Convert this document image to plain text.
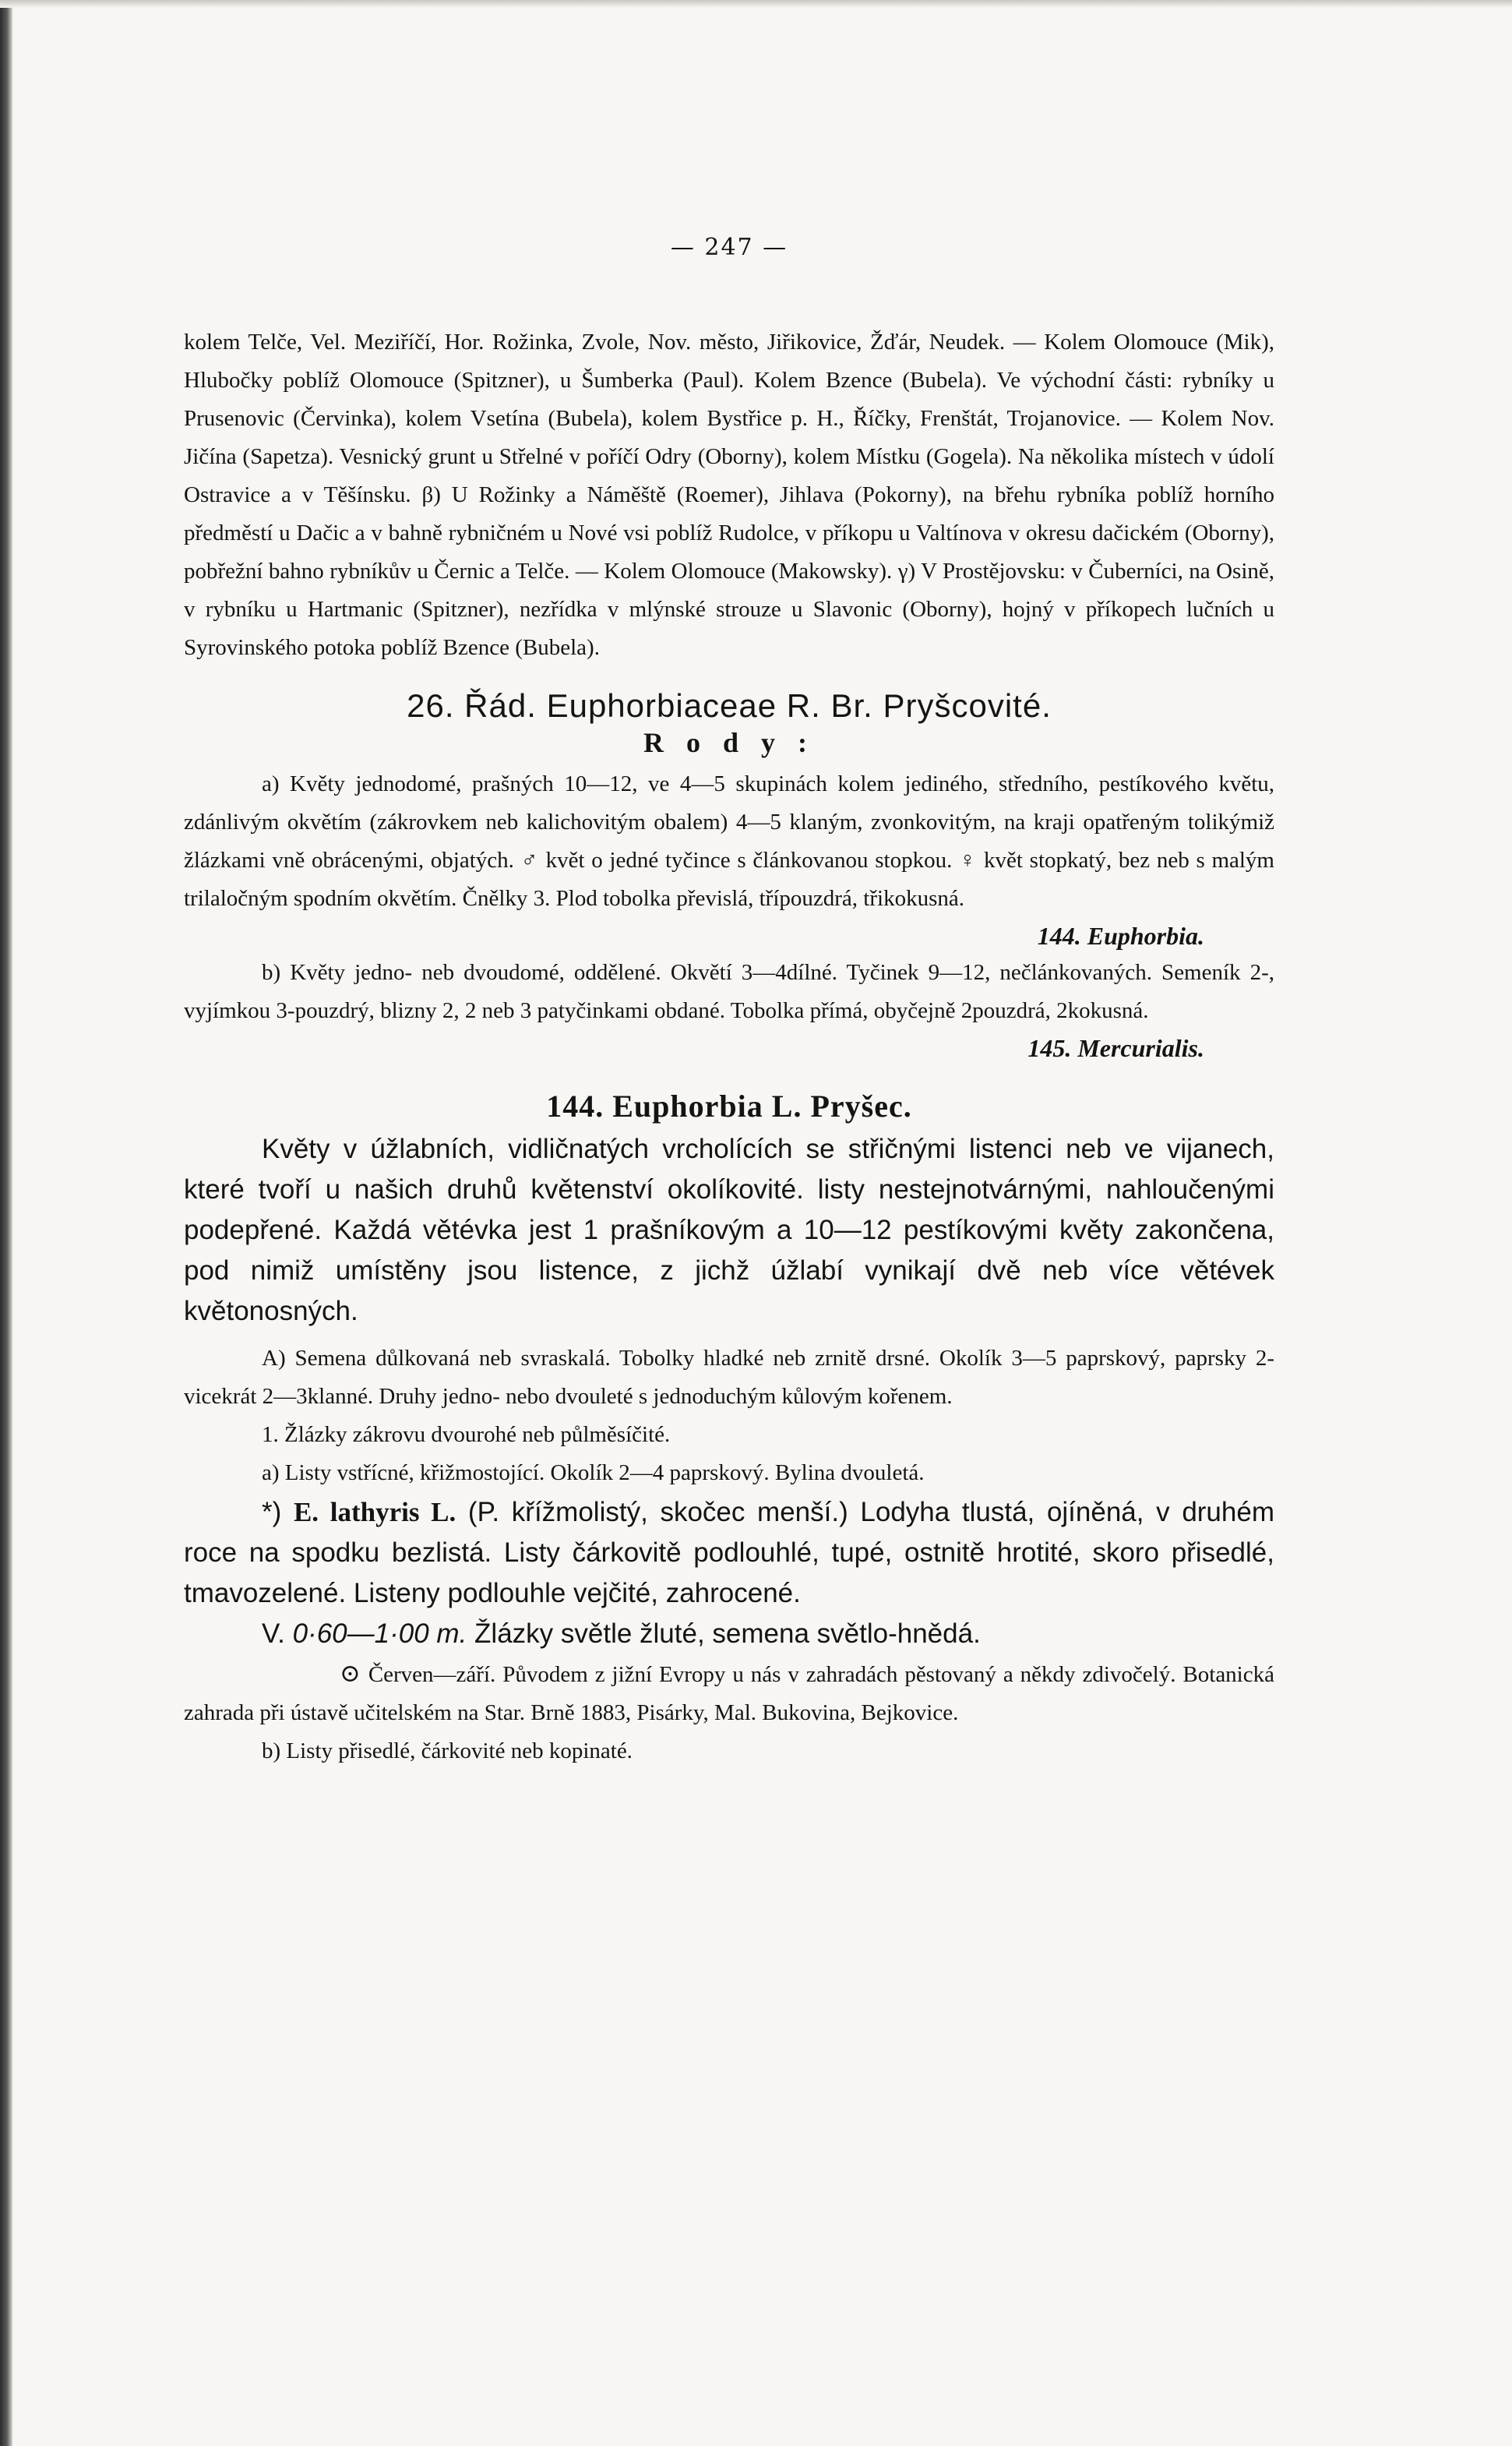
— 247 —

kolem Telče, Vel. Meziříčí, Hor. Rožinka, Zvole, Nov. město, Jiřikovice, Žďár, Neudek. — Kolem Olomouce (Mik), Hlubočky poblíž Olomouce (Spitzner), u Šumberka (Paul). Kolem Bzence (Bubela). Ve východní části: rybníky u Prusenovic (Červinka), kolem Vsetína (Bubela), kolem Bystřice p. H., Říčky, Frenštát, Trojanovice. — Kolem Nov. Jičína (Sapetza). Vesnický grunt u Střelné v poříčí Odry (Oborny), kolem Místku (Gogela). Na několika místech v údolí Ostravice a v Těšínsku. β) U Rožinky a Náměště (Roemer), Jihlava (Pokorny), na břehu rybníka poblíž horního předměstí u Dačic a v bahně rybničném u Nové vsi poblíž Rudolce, v příkopu u Valtínova v okresu dačickém (Oborny), pobřežní bahno rybníkův u Černic a Telče. — Kolem Olomouce (Makowsky). γ) V Prostějovsku: v Čuberníci, na Osině, v rybníku u Hartmanic (Spitzner), nezřídka v mlýnské strouze u Slavonic (Oborny), hojný v příkopech lučních u Syrovinského potoka poblíž Bzence (Bubela).

26. Řád. Euphorbiaceae R. Br. Pryšcovité.
R o d y :

a) Květy jednodomé, prašných 10—12, ve 4—5 skupinách kolem jediného, středního, pestíkového květu, zdánlivým okvětím (zákrovkem neb kalichovitým obalem) 4—5 klaným, zvonkovitým, na kraji opatřeným tolikýmiž žlázkami vně obrácenými, objatých. ♂ květ o jedné tyčince s článkovanou stopkou. ♀ květ stopkatý, bez neb s malým trilaločným spodním okvětím. Čnělky 3. Plod tobolka převislá, třípouzdrá, třikokusná.

144. Euphorbia.

b) Květy jedno- neb dvoudomé, oddělené. Okvětí 3—4dílné. Tyčinek 9—12, nečlánkovaných. Semeník 2-, vyjímkou 3-pouzdrý, blizny 2, 2 neb 3 patyčinkami obdané. Tobolka přímá, obyčejně 2pouzdrá, 2kokusná.

145. Mercurialis.

144. Euphorbia L. Pryšec.

Květy v úžlabních, vidličnatých vrcholících se střičnými listenci neb ve vijanech, které tvoří u našich druhů květenství okolíkovité. listy nestejnotvárnými, nahloučenými podepřené. Každá větévka jest 1 prašníkovým a 10—12 pestíkovými květy zakončena, pod nimiž umístěny jsou listence, z jichž úžlabí vynikají dvě neb více větévek květonosných.

A) Semena důlkovaná neb svraskalá. Tobolky hladké neb zrnitě drsné. Okolík 3—5 paprskový, paprsky 2-vicekrát 2—3klanné. Druhy jedno- nebo dvouleté s jednoduchým kůlovým kořenem.

1. Žlázky zákrovu dvourohé neb půlměsíčité.

a) Listy vstřícné, křižmostojící. Okolík 2—4 paprskový. Bylina dvouletá.

*) E. lathyris L. (P. křížmolistý, skočec menší.) Lodyha tlustá, ojíněná, v druhém roce na spodku bezlistá. Listy čárkovitě podlouhlé, tupé, ostnitě hrotité, skoro přisedlé, tmavozelené. Listeny podlouhle vejčité, zahrocené.

V. 0·60—1·00 m. Žlázky světle žluté, semena světlo-hnědá.

⊙ Červen—září. Původem z jižní Evropy u nás v zahradách pěstovaný a někdy zdivočelý. Botanická zahrada při ústavě učitelském na Star. Brně 1883, Pisárky, Mal. Bukovina, Bejkovice.

b) Listy přisedlé, čárkovité neb kopinaté.
